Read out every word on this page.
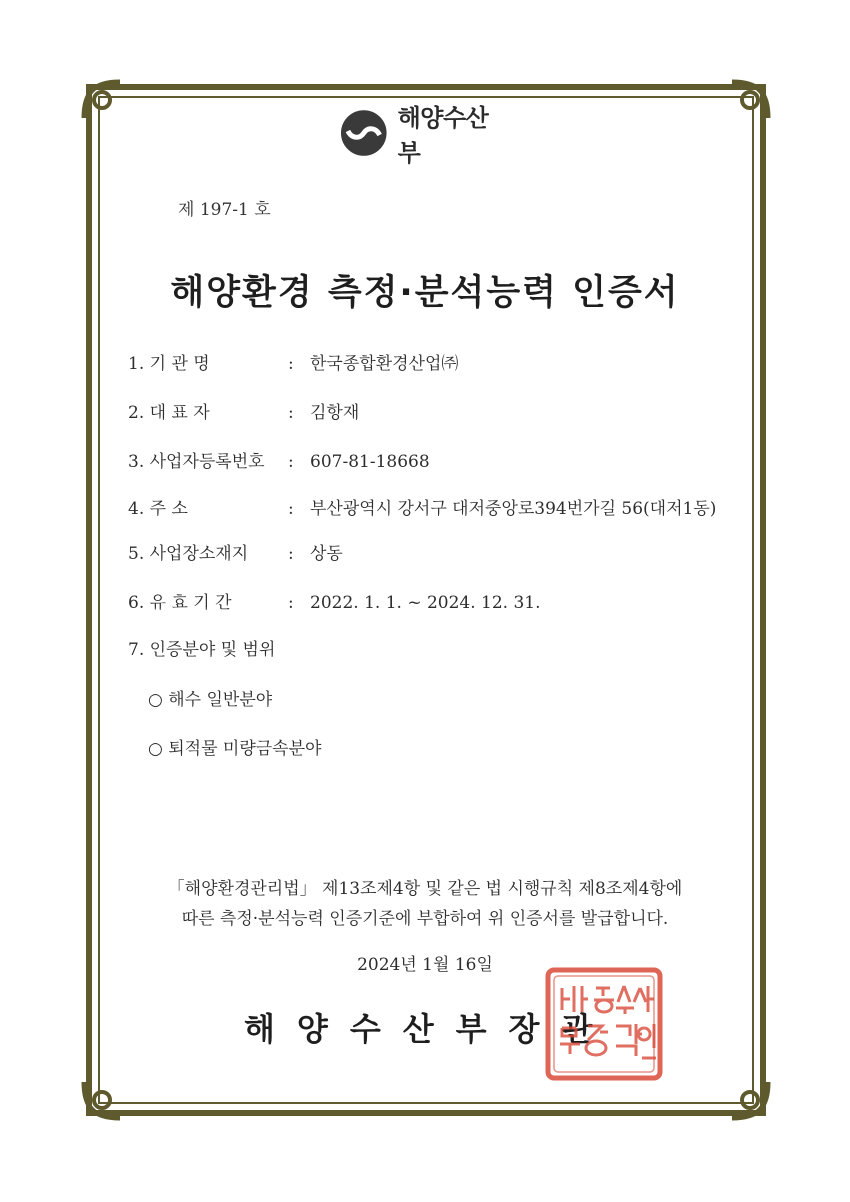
해양수산부
제 197-1 호
해양환경 측정·분석능력 인증서
1. 기 관 명	: 한국종합환경산업㈜
2. 대 표 자	: 김항재
3. 사업자등록번호 : 607-81-18668
4. 주 소	: 부산광역시 강서구 대저중앙로394번가길 56(대저1동)
5. 사업장소재지 : 상동
6. 유 효 기 간	: 2022. 1. 1. ~ 2024. 12. 31.
7. 인증분야 및 범위
○ 해수 일반분야
○ 퇴적물 미량금속분야
「해양환경관리법」 제13조제4항 및 같은 법 시행규칙 제8조제4항에
따른 측정·분석능력 인증기준에 부합하여 위 인증서를 발급합니다.
2024년 1월 16일
해양수산부장관
